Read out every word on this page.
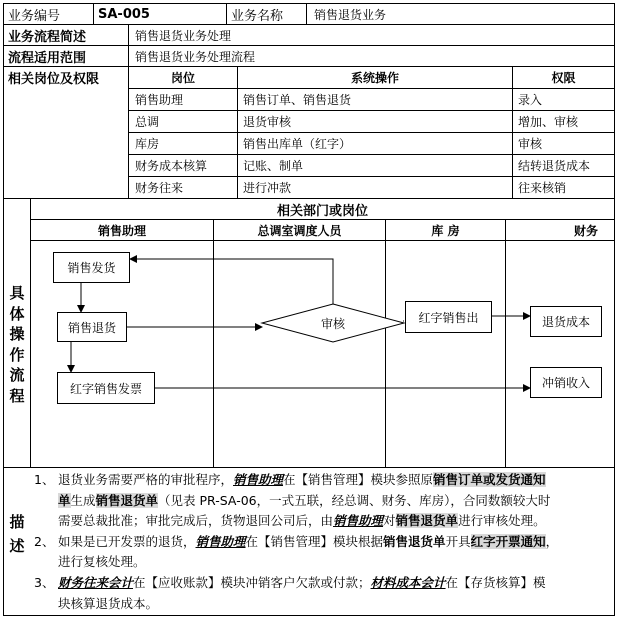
业务编号	SA-005	业务名称	销售退货业务
业务流程简述	销售退货业务处理
流程适用范围	销售退货业务处理流程
相关岗位及权限	岗位	系统操作	权限
销售助理	销售订单、销售退货	录入
总调	退货审核	增加、审核
库房	销售出库单（红字）	审核
财务成本核算	记账、制单	结转退货成本
财务往来	进行冲款	往来核销
相关部门或岗位
销售助理	总调室调度人员	库 房	财务
具体操作流程
销售发货
销售退货
红字销售发票
审核	红字销售出	退货成本
冲销收入
描述
1、 退货业务需要严格的审批程序，销售助理在【销售管理】模块参照原销售订单或发货通知
单生成销售退货单（见表 PR-SA-06，一式五联，经总调、财务、库房），合同数额较大时
需要总裁批准；审批完成后，货物退回公司后，由销售助理对销售退货单进行审核处理。
2、 如果是已开发票的退货，销售助理在【销售管理】模块根据销售退货单开具红字开票通知，
进行复核处理。
3、 财务往来会计在【应收账款】模块冲销客户欠款或付款；材料成本会计在【存货核算】模
块核算退货成本。
